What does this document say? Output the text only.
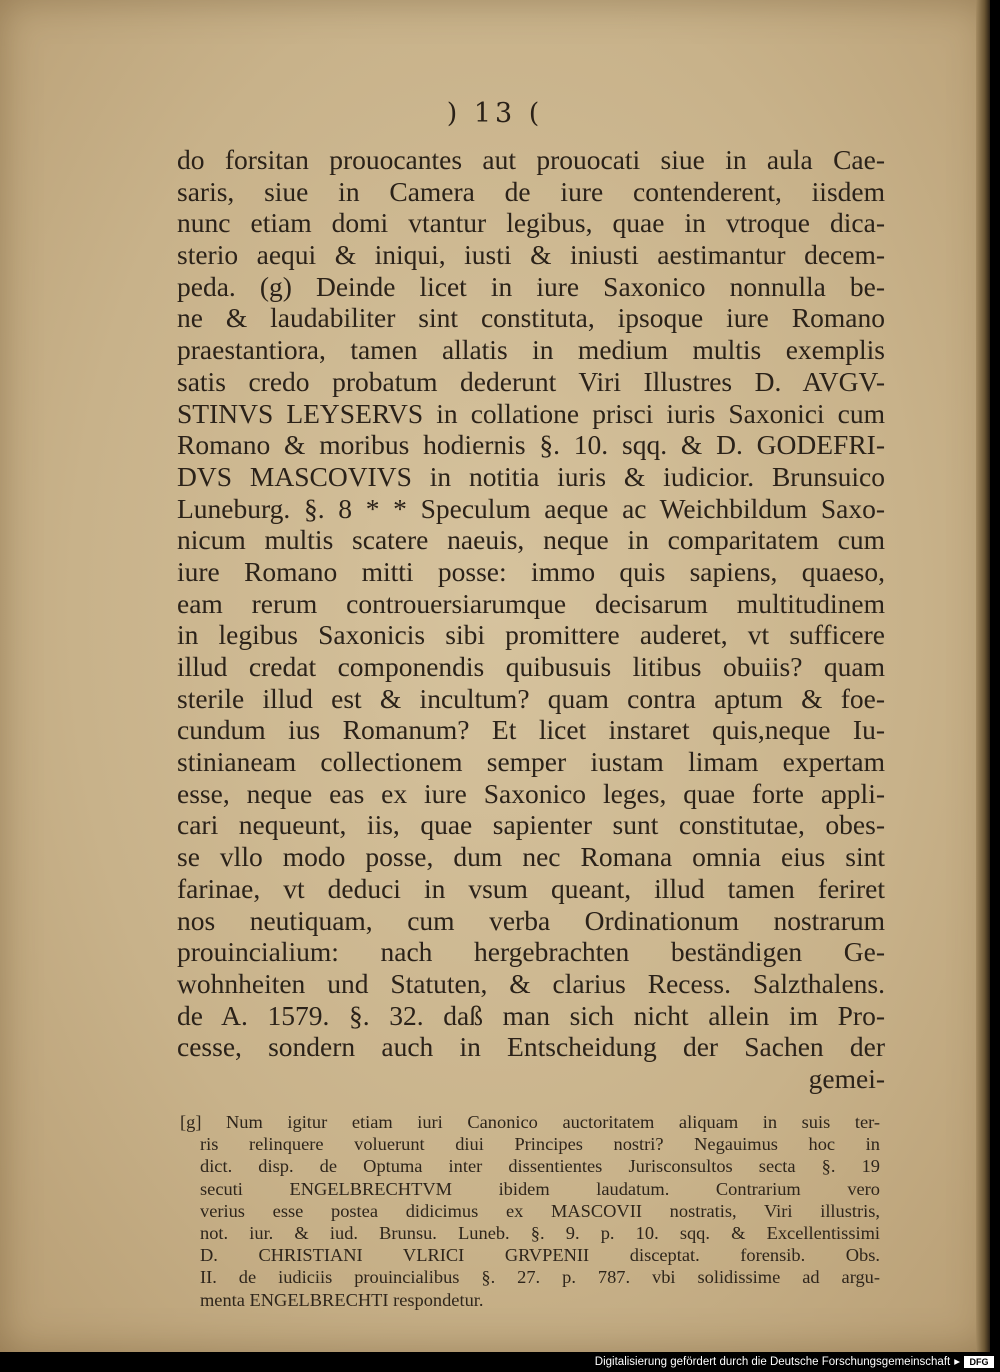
) 13 (
do forsitan prouocantes aut prouocati siue in aula Cae-
saris, siue in Camera de iure contenderent, iisdem
nunc etiam domi vtantur legibus, quae in vtroque dica-
sterio aequi & iniqui, iusti & iniusti aestimantur decem-
peda. (g) Deinde licet in iure Saxonico nonnulla be-
ne & laudabiliter sint constituta, ipsoque iure Romano
praestantiora, tamen allatis in medium multis exemplis
satis credo probatum dederunt Viri Illustres D. AVGV-
STINVS LEYSERVS in collatione prisci iuris Saxonici cum
Romano & moribus hodiernis §. 10. sqq. & D. GODEFRI-
DVS MASCOVIVS in notitia iuris & iudicior. Brunsuico
Luneburg. §. 8 * * Speculum aeque ac Weichbildum Saxo-
nicum multis scatere naeuis, neque in comparitatem cum
iure Romano mitti posse: immo quis sapiens, quaeso,
eam rerum controuersiarumque decisarum multitudinem
in legibus Saxonicis sibi promittere auderet, vt sufficere
illud credat componendis quibusuis litibus obuiis? quam
sterile illud est & incultum? quam contra aptum & foe-
cundum ius Romanum? Et licet instaret quis,neque Iu-
stinianeam collectionem semper iustam limam expertam
esse, neque eas ex iure Saxonico leges, quae forte appli-
cari nequeunt, iis, quae sapienter sunt constitutae, obes-
se vllo modo posse, dum nec Romana omnia eius sint
farinae, vt deduci in vsum queant, illud tamen feriret
nos neutiquam, cum verba Ordinationum nostrarum
prouincialium: nach hergebrachten beständigen Ge-
wohnheiten und Statuten, & clarius Recess. Salzthalens.
de A. 1579. §. 32. daß man sich nicht allein im Pro-
cesse, sondern auch in Entscheidung der Sachen der
gemei-
[g] Num igitur etiam iuri Canonico auctoritatem aliquam in suis ter-
ris relinquere voluerunt diui Principes nostri? Negauimus hoc in
dict. disp. de Optuma inter dissentientes Jurisconsultos secta §. 19
secuti ENGELBRECHTVM ibidem laudatum. Contrarium vero
verius esse postea didicimus ex MASCOVII nostratis, Viri illustris,
not. iur. & iud. Brunsu. Luneb. §. 9. p. 10. sqq. & Excellentissimi
D. CHRISTIANI VLRICI GRVPENII disceptat. forensib. Obs.
II. de iudiciis prouincialibus §. 27. p. 787. vbi solidissime ad argu-
menta ENGELBRECHTI respondetur.
Digitalisierung gefördert durch die Deutsche Forschungsgemeinschaft ▸	DFG
